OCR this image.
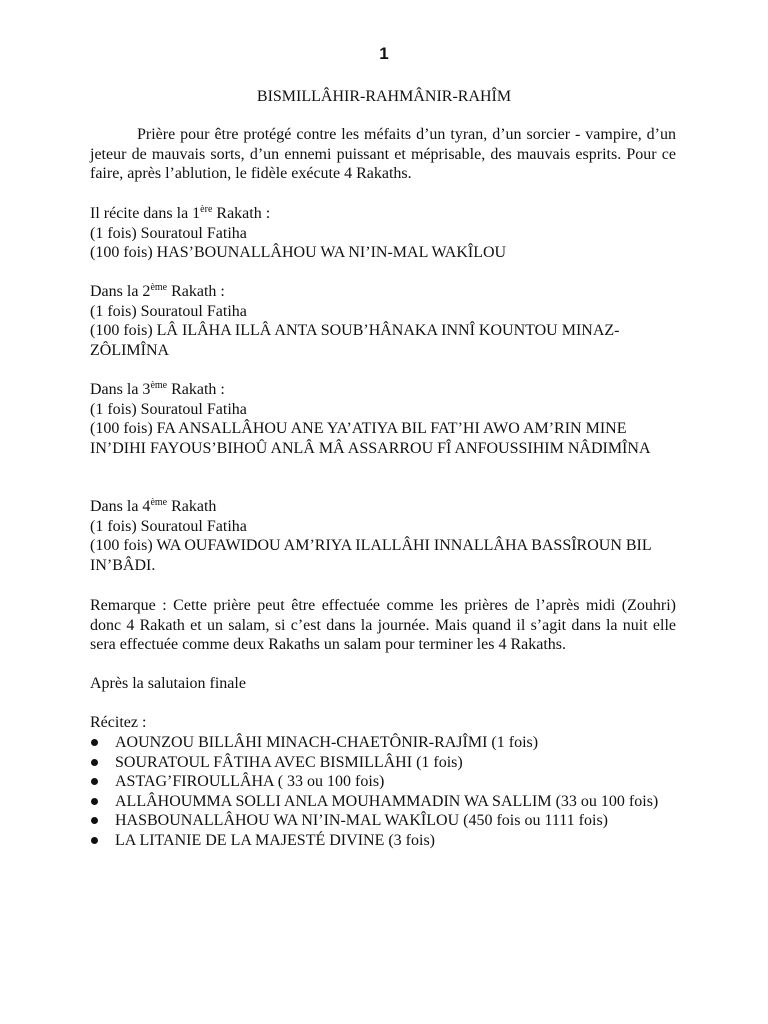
1
BISMILLÂHIR-RAHMÂNIR-RAHÎM
Prière pour être protégé contre les méfaits d’un tyran, d’un sorcier - vampire, d’un jeteur de mauvais sorts, d’un ennemi puissant et méprisable, des mauvais esprits. Pour ce faire, après l’ablution, le fidèle exécute 4 Rakaths.
Il récite dans la 1ère Rakath :
(1 fois) Souratoul Fatiha
(100 fois) HAS’BOUNALLÂHOU WA NI’IN-MAL WAKÎLOU
Dans la 2ème Rakath :
(1 fois) Souratoul Fatiha
(100 fois) LÂ ILÂHA ILLÂ ANTA SOUB’HÂNAKA INNÎ KOUNTOU MINAZ-ZÔLIMÎNA
Dans la 3ème Rakath :
(1 fois) Souratoul Fatiha
(100 fois) FA ANSALLÂHOU ANE YA’ATIYA BIL FAT’HI AWO AM’RIN MINE IN’DIHI FAYOUS’BIHOÛ ANLÂ MÂ ASSARROU FÎ ANFOUSSIHIM NÂDIMÎNA
Dans la 4ème Rakath
(1 fois) Souratoul Fatiha
(100 fois) WA OUFAWIDOU AM’RIYA ILALLÂHI INNALLÂHA BASSÎROUN BIL IN’BÂDI.
Remarque : Cette prière peut être effectuée comme les prières de l’après midi (Zouhri) donc 4 Rakath et un salam, si c’est dans la journée. Mais quand il s’agit dans la nuit elle sera effectuée comme deux Rakaths un salam pour terminer les 4 Rakaths.
Après la salutaion finale
Récitez :
AOUNZOU BILLÂHI MINACH-CHAETÔNIR-RAJÎMI (1 fois)
SOURATOUL FÂTIHA AVEC BISMILLÂHI (1 fois)
ASTAG’FIROULLÂHA ( 33 ou 100 fois)
ALLÂHOUMMA SOLLI ANLA MOUHAMMADIN WA SALLIM (33 ou 100 fois)
HASBOUNALLÂHOU WA NI’IN-MAL WAKÎLOU (450 fois ou 1111 fois)
LA LITANIE DE LA MAJESTÉ DIVINE (3 fois)
